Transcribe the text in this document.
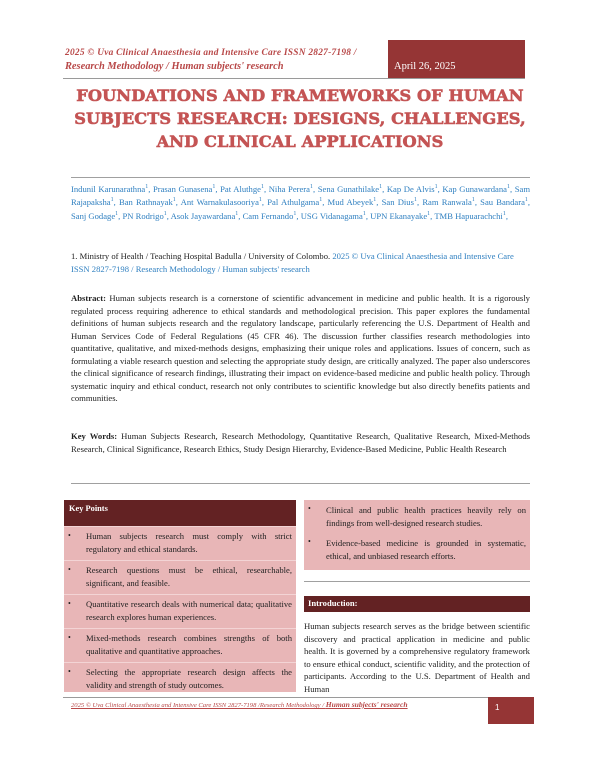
2025 © Uva Clinical Anaesthesia and Intensive Care ISSN 2827-7198 /
Research Methodology / Human subjects' research	April 26, 2025
FOUNDATIONS AND FRAMEWORKS OF HUMAN SUBJECTS RESEARCH: DESIGNS, CHALLENGES, AND CLINICAL APPLICATIONS
Indunil Karunarathna$^1$, Prasan Gunasena$^1$, Pat Aluthge$^1$, Niha Perera$^1$, Sena Gunathilake$^1$, Kap De Alvis$^1$, Kap Gunawardana$^1$, Sam Rajapaksha$^1$, Ban Rathnayak$^1$, Ant Warnakulasooriya$^1$, Pal Athulgama$^1$, Mud Abeyek$^1$, San Dius$^1$, Ram Ranwala$^1$, Sau Bandara$^1$, Sanj Godage$^1$, PN Rodrigo$^1$, Asok Jayawardana$^1$, Cam Fernando$^1$, USG Vidanagama$^1$, UPN Ekanayake$^1$, TMB Hapuarachchi$^1$,
1. Ministry of Health / Teaching Hospital Badulla / University of Colombo. 2025 © Uva Clinical Anaesthesia and Intensive Care ISSN 2827-7198 / Research Methodology / Human subjects' research
Abstract: Human subjects research is a cornerstone of scientific advancement in medicine and public health. It is a rigorously regulated process requiring adherence to ethical standards and methodological precision. This paper explores the fundamental definitions of human subjects research and the regulatory landscape, particularly referencing the U.S. Department of Health and Human Services Code of Federal Regulations (45 CFR 46). The discussion further classifies research methodologies into quantitative, qualitative, and mixed-methods designs, emphasizing their unique roles and applications. Issues of concern, such as formulating a viable research question and selecting the appropriate study design, are critically analyzed. The paper also underscores the clinical significance of research findings, illustrating their impact on evidence-based medicine and public health policy. Through systematic inquiry and ethical conduct, research not only contributes to scientific knowledge but also directly benefits patients and communities.
Key Words: Human Subjects Research, Research Methodology, Quantitative Research, Qualitative Research, Mixed-Methods Research, Clinical Significance, Research Ethics, Study Design Hierarchy, Evidence-Based Medicine, Public Health Research
Key Points
• Human subjects research must comply with strict regulatory and ethical standards.
• Research questions must be ethical, researchable, significant, and feasible.
• Quantitative research deals with numerical data; qualitative research explores human experiences.
• Mixed-methods research combines strengths of both qualitative and quantitative approaches.
• Selecting the appropriate research design affects the validity and strength of study outcomes.
• Clinical and public health practices heavily rely on findings from well-designed research studies.
• Evidence-based medicine is grounded in systematic, ethical, and unbiased research efforts.
Introduction:
Human subjects research serves as the bridge between scientific discovery and practical application in medicine and public health. It is governed by a comprehensive regulatory framework to ensure ethical conduct, scientific validity, and the protection of participants. According to the U.S. Department of Health and Human
2025 © Uva Clinical Anaesthesia and Intensive Care ISSN 2827-7198 /Research Methodology / Human subjects' research	1
